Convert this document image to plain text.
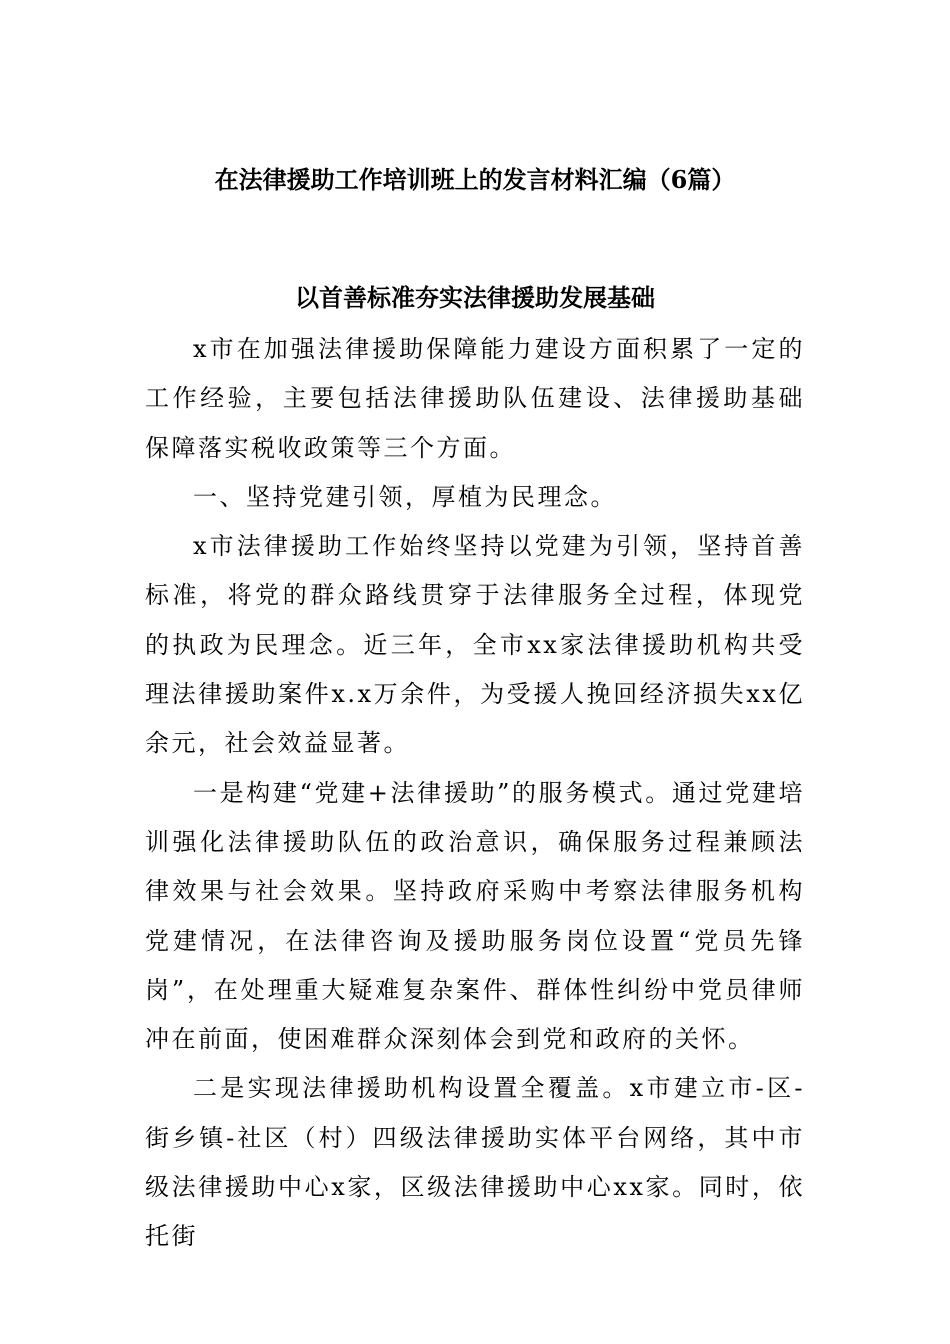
在法律援助工作培训班上的发言材料汇编（6篇）
以首善标准夯实法律援助发展基础

x市在加强法律援助保障能力建设方面积累了一定的工作经验，主要包括法律援助队伍建设、法律援助基础保障落实税收政策等三个方面。

一、坚持党建引领，厚植为民理念。

x市法律援助工作始终坚持以党建为引领，坚持首善标准，将党的群众路线贯穿于法律服务全过程，体现党的执政为民理念。近三年，全市xx家法律援助机构共受理法律援助案件x.x万余件，为受援人挽回经济损失xx亿余元，社会效益显著。

一是构建“党建+法律援助”的服务模式。通过党建培训强化法律援助队伍的政治意识，确保服务过程兼顾法律效果与社会效果。坚持政府采购中考察法律服务机构党建情况，在法律咨询及援助服务岗位设置“党员先锋岗”，在处理重大疑难复杂案件、群体性纠纷中党员律师冲在前面，使困难群众深刻体会到党和政府的关怀。

二是实现法律援助机构设置全覆盖。x市建立市-区-街乡镇-社区（村）四级法律援助实体平台网络，其中市级法律援助中心x家，区级法律援助中心xx家。同时，依托街
